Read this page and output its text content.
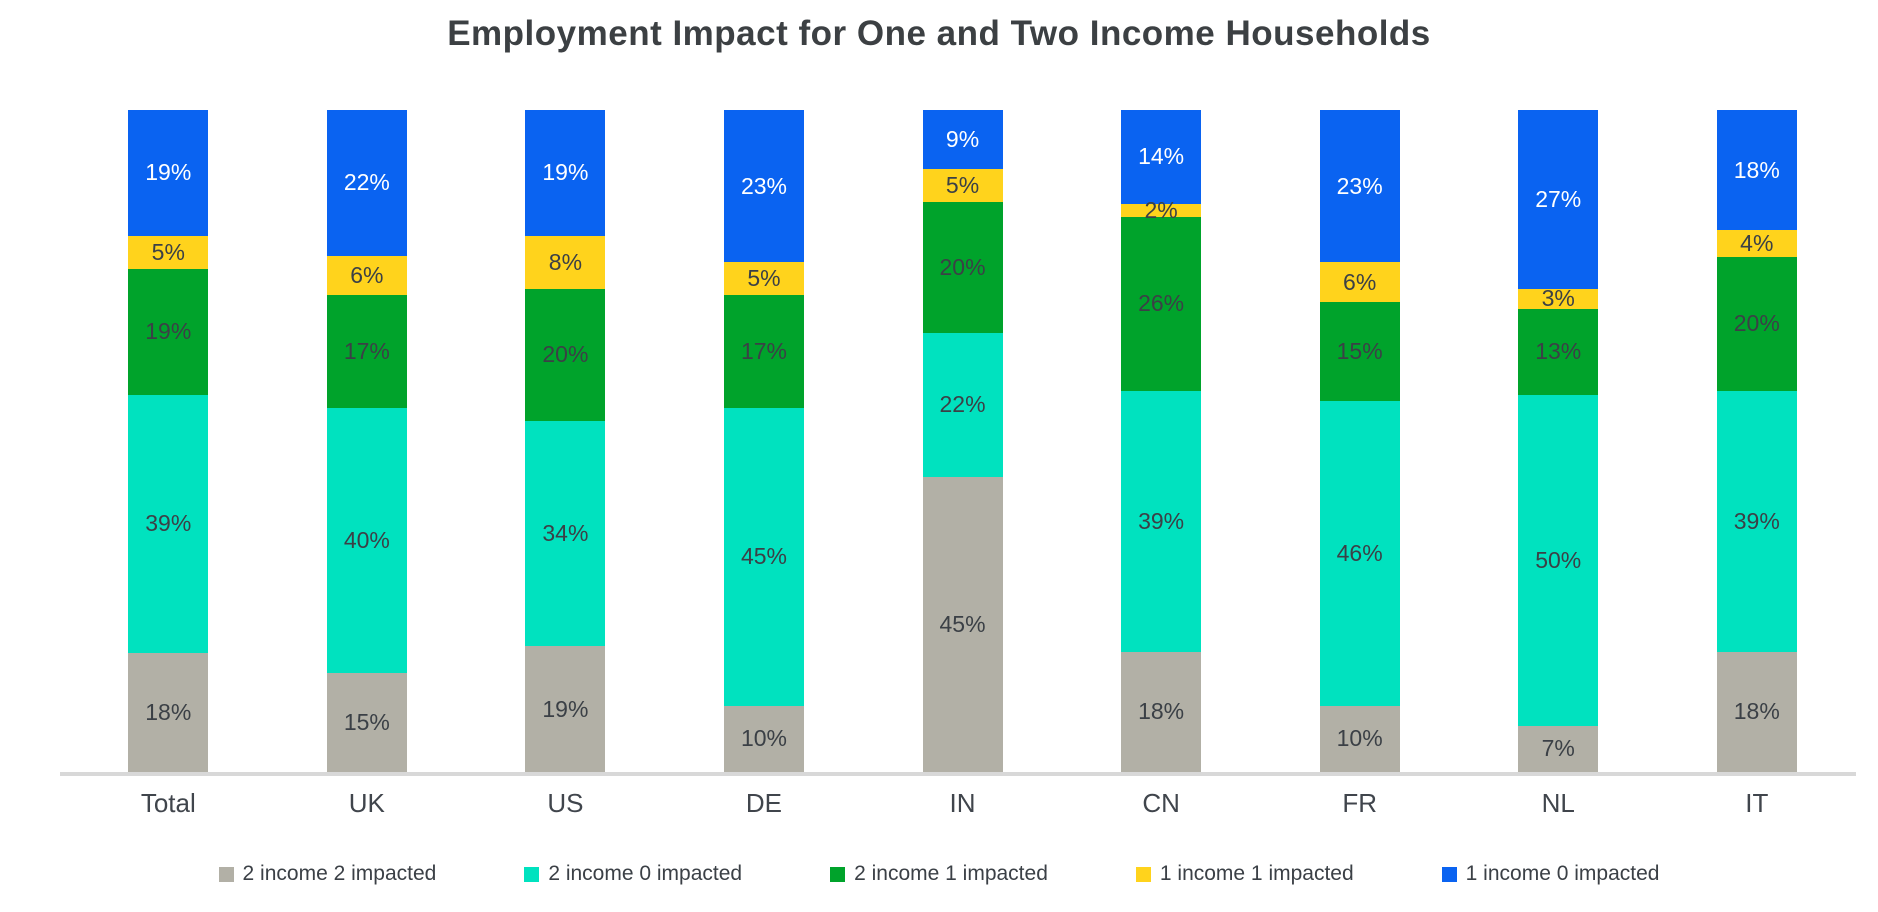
Employment Impact for One and Two Income Households
19%
5%
19%
39%
18%
22%
6%
17%
40%
15%
19%
8%
20%
34%
19%
23%
5%
17%
45%
10%
9%
5%
20%
22%
45%
14%
2%
26%
39%
18%
23%
6%
15%
46%
10%
27%
3%
13%
50%
7%
18%
4%
20%
39%
18%
Total	UK	US	DE	IN	CN	FR	NL	IT
2 income 2 impacted	2 income 0 impacted	2 income 1 impacted	1 income 1 impacted	1 income 0 impacted
